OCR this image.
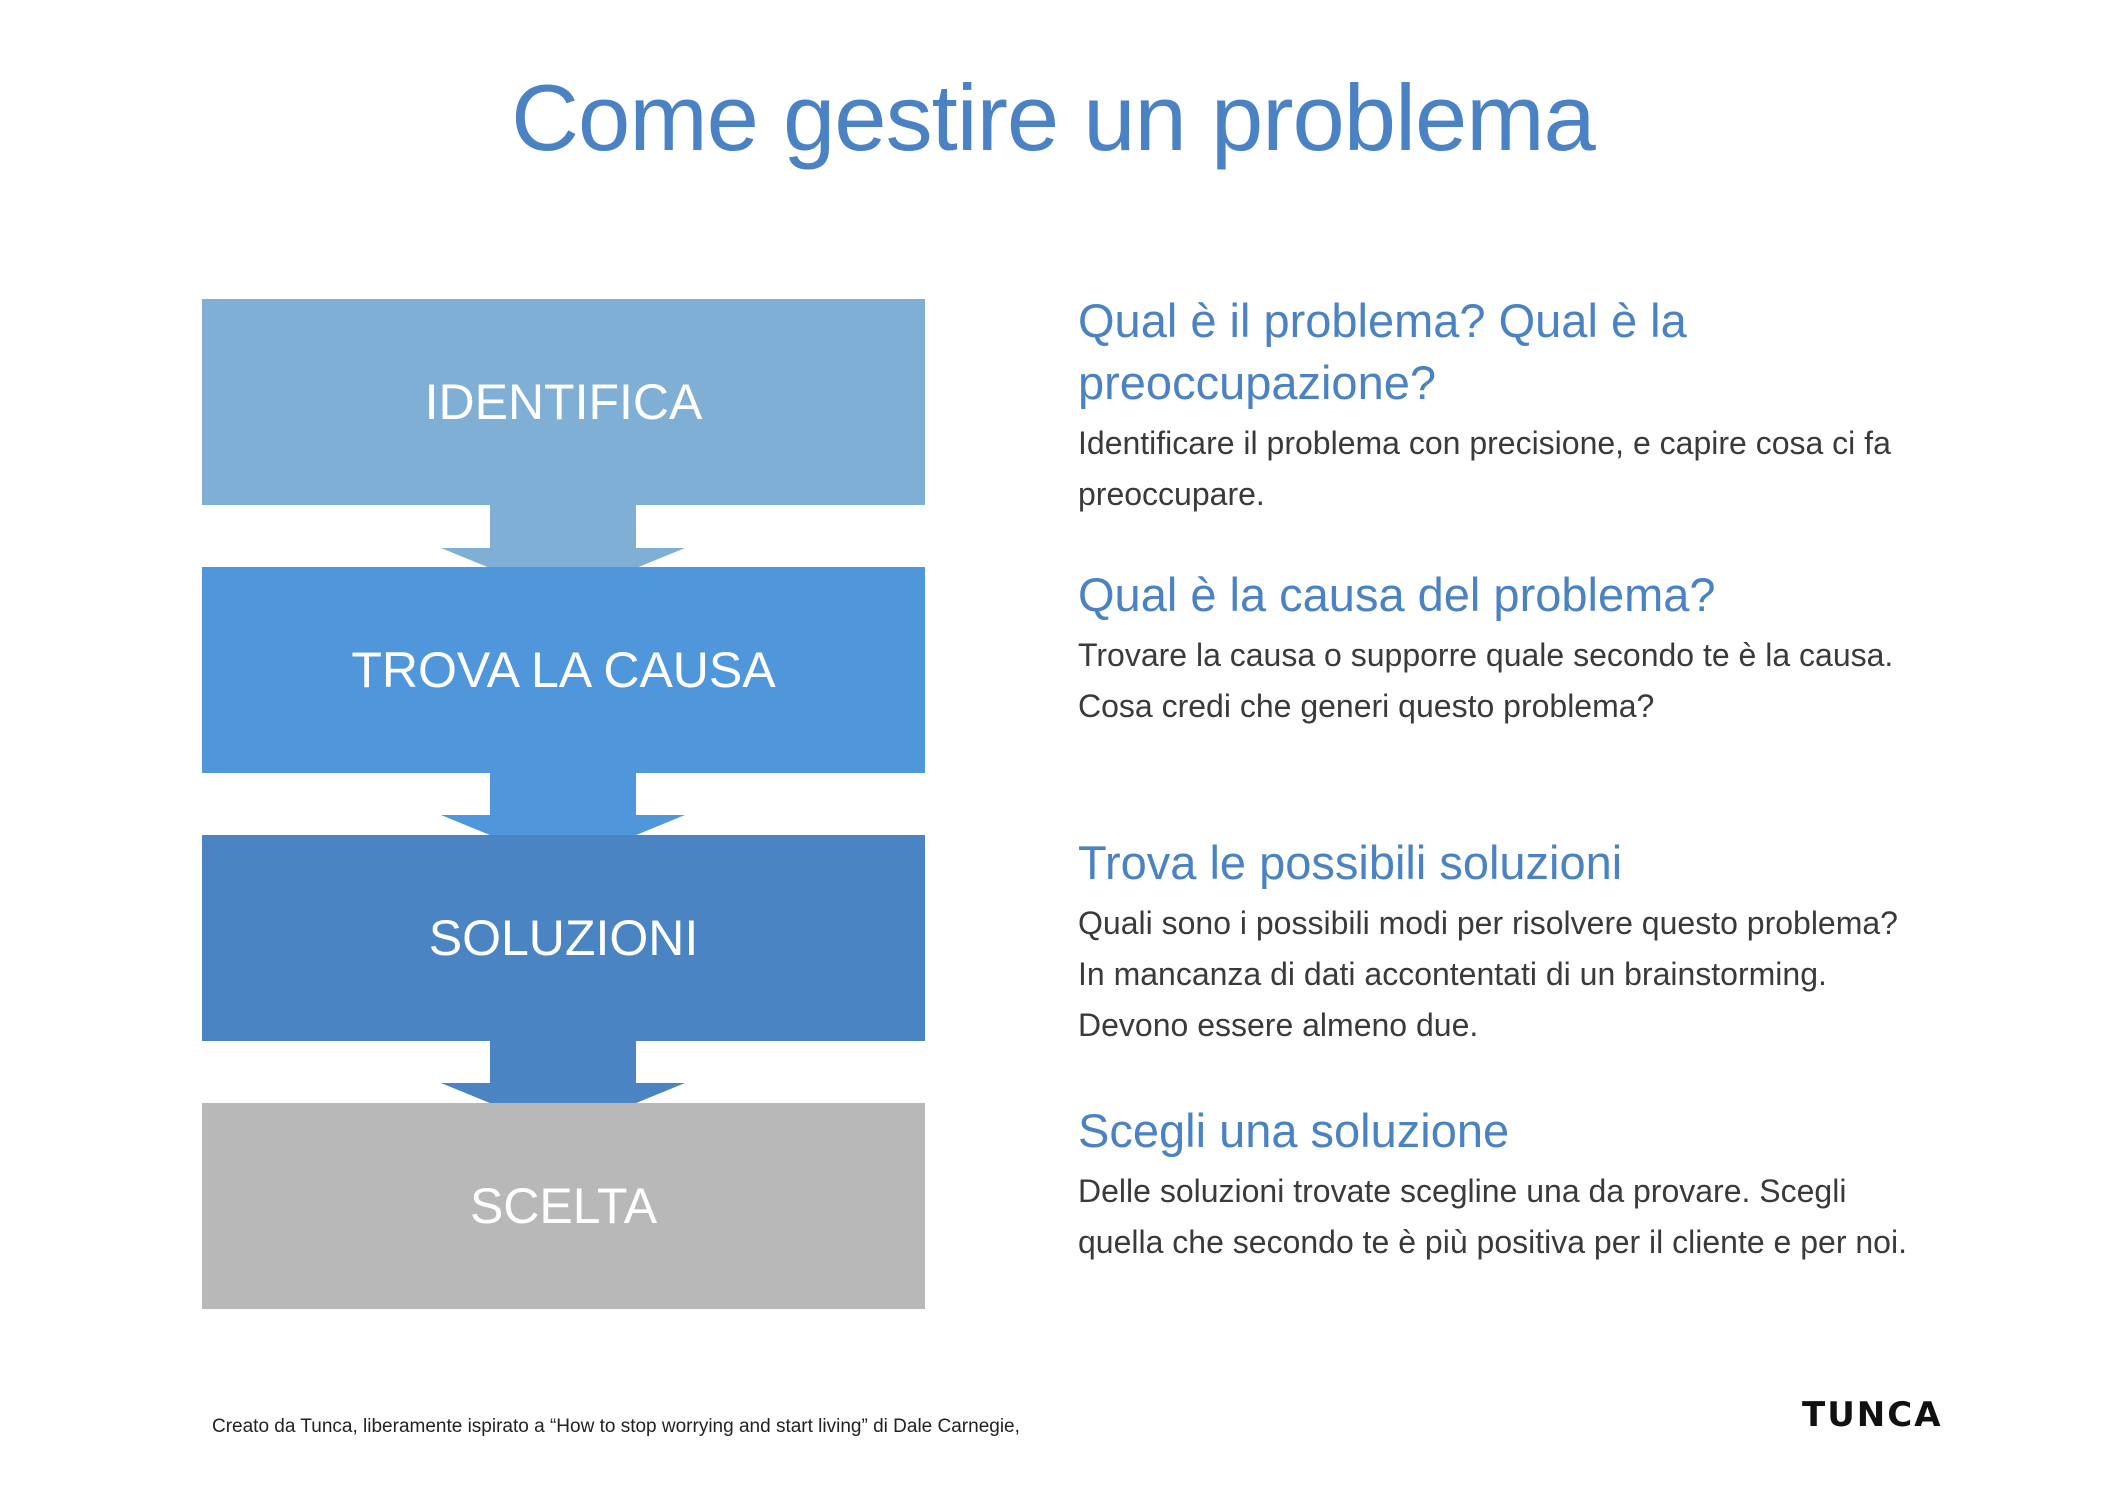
Come gestire un problema
IDENTIFICA
TROVA LA CAUSA
SOLUZIONI
SCELTA
Qual è il problema? Qual è la preoccupazione?

Identificare il problema con precisione, e capire cosa ci fa preoccupare.

Qual è la causa del problema?

Trovare la causa o supporre quale secondo te è la causa. Cosa credi che generi questo problema?

Trova le possibili soluzioni

Quali sono i possibili modi per risolvere questo problema? In mancanza di dati accontentati di un brainstorming. Devono essere almeno due.

Scegli una soluzione

Delle soluzioni trovate scegline una da provare. Scegli quella che secondo te è più positiva per il cliente e per noi.

Creato da Tunca, liberamente ispirato a “How to stop worrying and start living” di Dale Carnegie,	TUNCA
